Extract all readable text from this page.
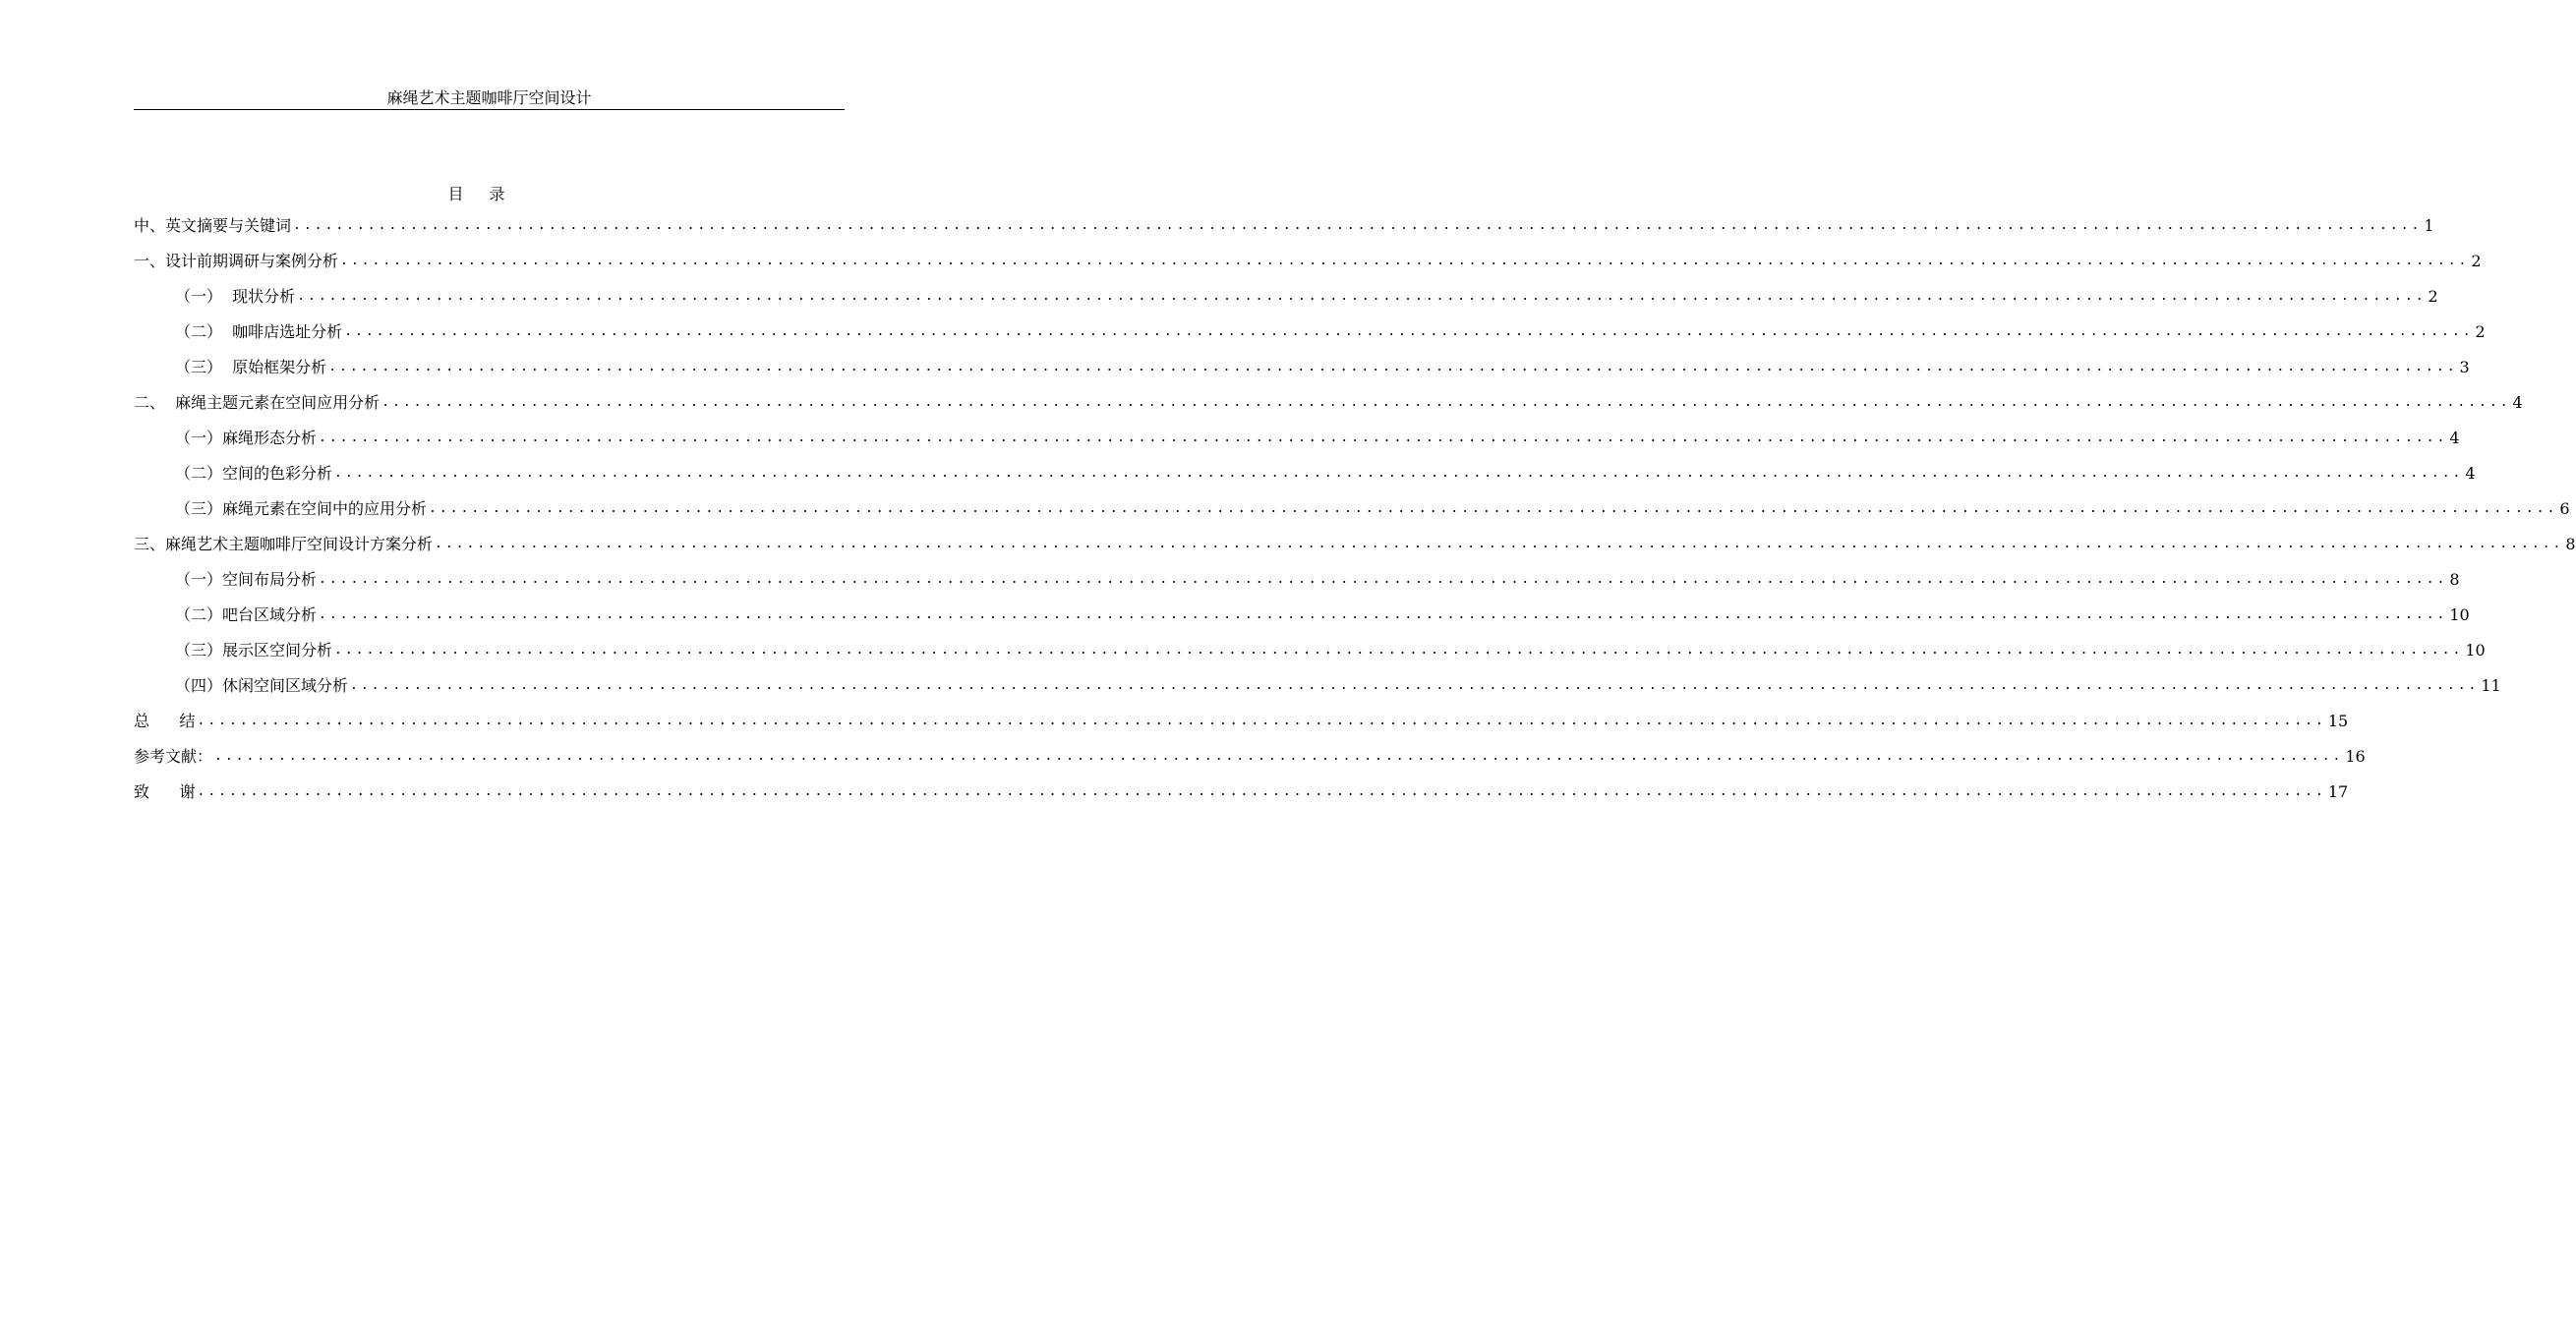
麻绳艺术主题咖啡厅空间设计
目录
中、英文摘要与关键词 ........................................................................................................................................................................................................ 1
一、设计前期调研与案例分析 ........................................................................................................................................................................................................ 2
（一）  现状分析 ........................................................................................................................................................................................................ 2
（二）  咖啡店选址分析 ........................................................................................................................................................................................................ 2
（三）  原始框架分析 ........................................................................................................................................................................................................ 3
二、  麻绳主题元素在空间应用分析 ........................................................................................................................................................................................................ 4
（一）麻绳形态分析 ........................................................................................................................................................................................................ 4
（二）空间的色彩分析 ........................................................................................................................................................................................................ 4
（三）麻绳元素在空间中的应用分析 ........................................................................................................................................................................................................ 6
三、麻绳艺术主题咖啡厅空间设计方案分析 ........................................................................................................................................................................................................ 8
（一）空间布局分析 ........................................................................................................................................................................................................ 8
（二）吧台区域分析 ........................................................................................................................................................................................................ 10
（三）展示区空间分析 ........................................................................................................................................................................................................ 10
（四）休闲空间区域分析 ........................................................................................................................................................................................................ 11
总      结 ........................................................................................................................................................................................................ 15
参考文献： ........................................................................................................................................................................................................ 16
致      谢 ........................................................................................................................................................................................................ 17
